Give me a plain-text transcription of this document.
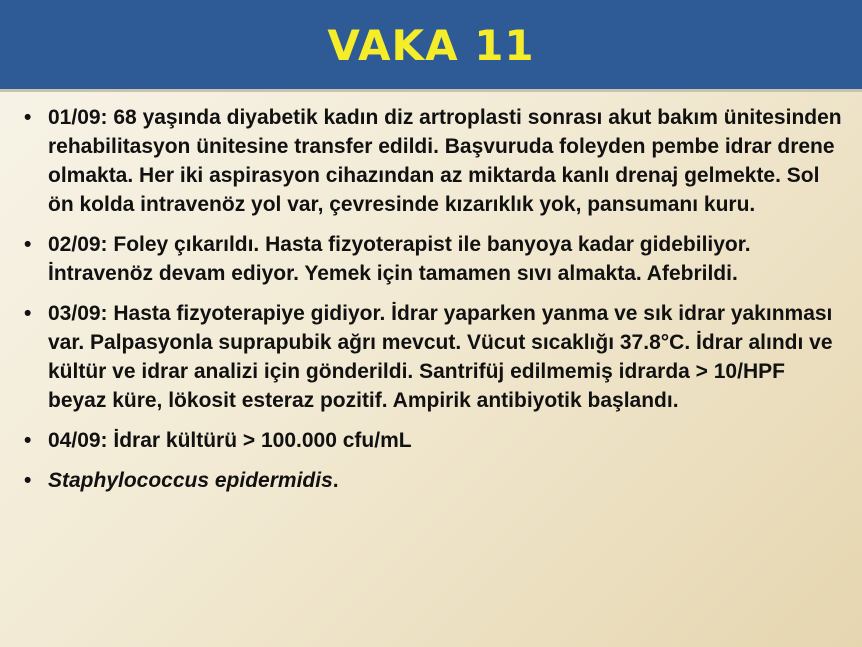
VAKA 11
• 01/09: 68 yaşında diyabetik kadın diz artroplasti sonrası akut bakım ünitesinden rehabilitasyon ünitesine transfer edildi. Başvuruda foleyden pembe idrar drene olmakta. Her iki aspirasyon cihazından az miktarda kanlı drenaj gelmekte. Sol ön kolda intravenöz yol var, çevresinde kızarıklık yok, pansumanı kuru.
• 02/09: Foley çıkarıldı. Hasta fizyoterapist ile banyoya kadar gidebiliyor. İntravenöz devam ediyor. Yemek için tamamen sıvı almakta. Afebrildi.
• 03/09: Hasta fizyoterapiye gidiyor. İdrar yaparken yanma ve sık idrar yakınması var. Palpasyonla suprapubik ağrı mevcut. Vücut sıcaklığı 37.8°C. İdrar alındı ve kültür ve idrar analizi için gönderildi. Santrifüj edilmemiş idrarda > 10/HPF beyaz küre, lökosit esteraz pozitif. Ampirik antibiyotik başlandı.
• 04/09: İdrar kültürü > 100.000 cfu/mL
• Staphylococcus epidermidis.
